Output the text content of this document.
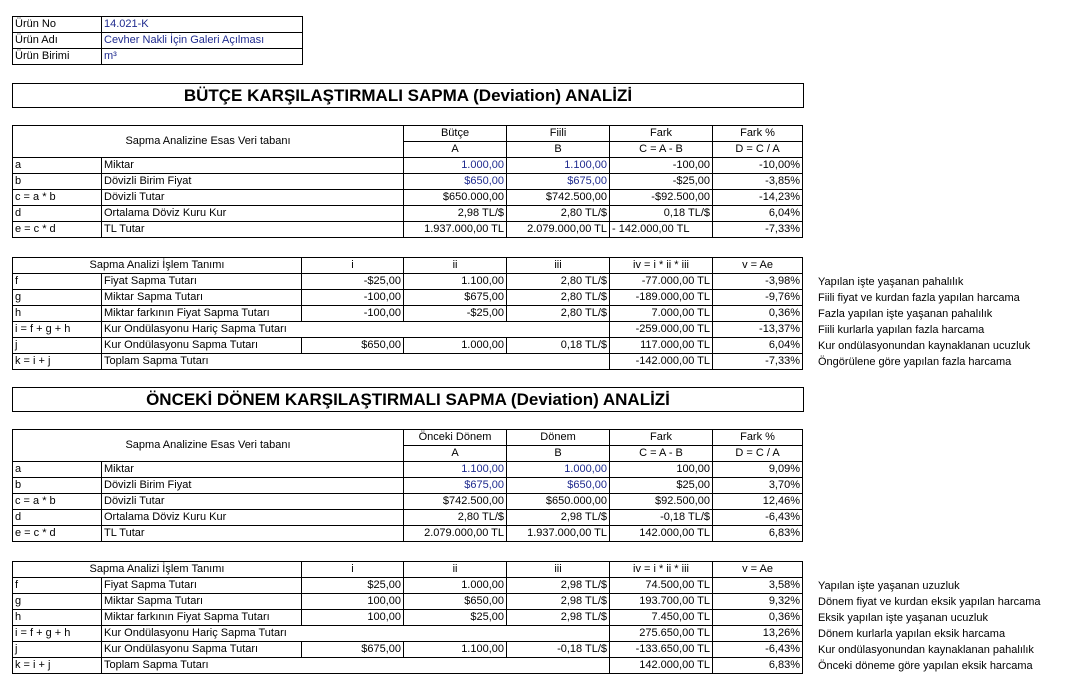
Ürün No	14.021-K
Ürün Adı	Cevher Nakli İçin Galeri Açılması
Ürün Birimi	m³
BÜTÇE KARŞILAŞTIRMALI SAPMA (Deviation) ANALİZİ
Sapma Analizine Esas Veri tabanı		Bütçe	Fiili	Fark	Fark %
		A	B	C = A - B	D = C / A
a	Miktar	1.000,00	1.100,00	-100,00	-10,00%
b	Dövizli Birim Fiyat	$650,00	$675,00	-$25,00	-3,85%
c = a * b	Dövizli Tutar	$650.000,00	$742.500,00	-$92.500,00	-14,23%
d	Ortalama Döviz Kuru Kur	2,98 TL/$	2,80 TL/$	0,18 TL/$	6,04%
e = c * d	TL Tutar	1.937.000,00 TL	2.079.000,00 TL	- 142.000,00 TL	-7,33%
Sapma Analizi İşlem Tanımı		i	ii	iii	iv = i * ii * iii	v = Ae
f	Fiyat Sapma Tutarı	-$25,00	1.100,00	2,80 TL/$	-77.000,00 TL	-3,98%
g	Miktar Sapma Tutarı	-100,00	$675,00	2,80 TL/$	-189.000,00 TL	-9,76%
h	Miktar farkının Fiyat Sapma Tutarı	-100,00	-$25,00	2,80 TL/$	7.000,00 TL	0,36%
i = f + g + h	Kur Ondülasyonu Hariç Sapma Tutarı				-259.000,00 TL	-13,37%
j	Kur Ondülasyonu Sapma Tutarı	$650,00	1.000,00	0,18 TL/$	117.000,00 TL	6,04%
k = i + j	Toplam Sapma Tutarı				-142.000,00 TL	-7,33%
Yapılan işte yaşanan pahalılık
Fiili fiyat ve kurdan fazla yapılan harcama
Fazla yapılan işte yaşanan pahalılık
Fiili kurlarla yapılan fazla harcama
Kur ondülasyonundan kaynaklanan ucuzluk
Öngörülene göre yapılan fazla harcama
ÖNCEKİ DÖNEM KARŞILAŞTIRMALI SAPMA (Deviation) ANALİZİ
Sapma Analizine Esas Veri tabanı		Önceki Dönem	Dönem	Fark	Fark %
		A	B	C = A - B	D = C / A
a	Miktar	1.100,00	1.000,00	100,00	9,09%
b	Dövizli Birim Fiyat	$675,00	$650,00	$25,00	3,70%
c = a * b	Dövizli Tutar	$742.500,00	$650.000,00	$92.500,00	12,46%
d	Ortalama Döviz Kuru Kur	2,80 TL/$	2,98 TL/$	-0,18 TL/$	-6,43%
e = c * d	TL Tutar	2.079.000,00 TL	1.937.000,00 TL	142.000,00 TL	6,83%
Sapma Analizi İşlem Tanımı		i	ii	iii	iv = i * ii * iii	v = Ae
f	Fiyat Sapma Tutarı	$25,00	1.000,00	2,98 TL/$	74.500,00 TL	3,58%
g	Miktar Sapma Tutarı	100,00	$650,00	2,98 TL/$	193.700,00 TL	9,32%
h	Miktar farkının Fiyat Sapma Tutarı	100,00	$25,00	2,98 TL/$	7.450,00 TL	0,36%
i = f + g + h	Kur Ondülasyonu Hariç Sapma Tutarı				275.650,00 TL	13,26%
j	Kur Ondülasyonu Sapma Tutarı	$675,00	1.100,00	-0,18 TL/$	-133.650,00 TL	-6,43%
k = i + j	Toplam Sapma Tutarı				142.000,00 TL	6,83%
Yapılan işte yaşanan uzuzluk
Dönem fiyat ve kurdan eksik yapılan harcama
Eksik yapılan işte yaşanan ucuzluk
Dönem kurlarla yapılan eksik harcama
Kur ondülasyonundan kaynaklanan pahalılık
Önceki döneme göre yapılan eksik harcama
